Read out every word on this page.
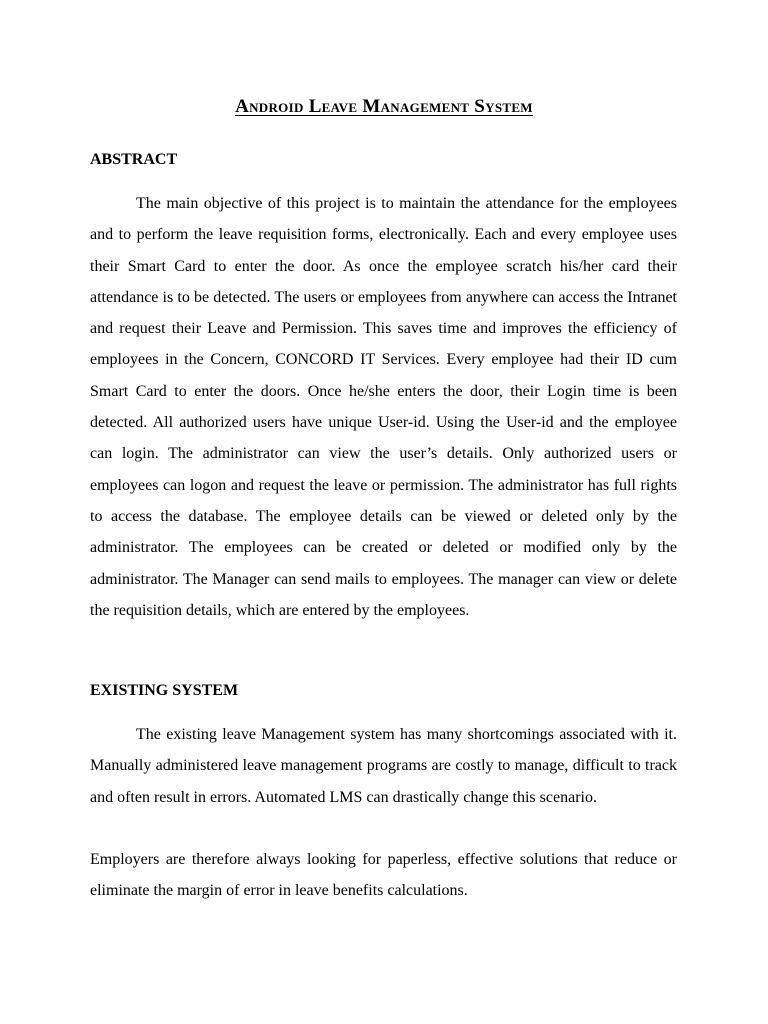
Android Leave Management System
ABSTRACT

The main objective of this project is to maintain the attendance for the employees and to perform the leave requisition forms, electronically. Each and every employee uses their Smart Card to enter the door. As once the employee scratch his/her card their attendance is to be detected. The users or employees from anywhere can access the Intranet and request their Leave and Permission. This saves time and improves the efficiency of employees in the Concern, CONCORD IT Services. Every employee had their ID cum Smart Card to enter the doors. Once he/she enters the door, their Login time is been detected. All authorized users have unique User-id. Using the User-id and the employee can login. The administrator can view the user’s details. Only authorized users or employees can logon and request the leave or permission. The administrator has full rights to access the database. The employee details can be viewed or deleted only by the administrator. The employees can be created or deleted or modified only by the administrator. The Manager can send mails to employees. The manager can view or delete the requisition details, which are entered by the employees.

EXISTING SYSTEM

The existing leave Management system has many shortcomings associated with it. Manually administered leave management programs are costly to manage, difficult to track and often result in errors. Automated LMS can drastically change this scenario.

Employers are therefore always looking for paperless, effective solutions that reduce or eliminate the margin of error in leave benefits calculations.
